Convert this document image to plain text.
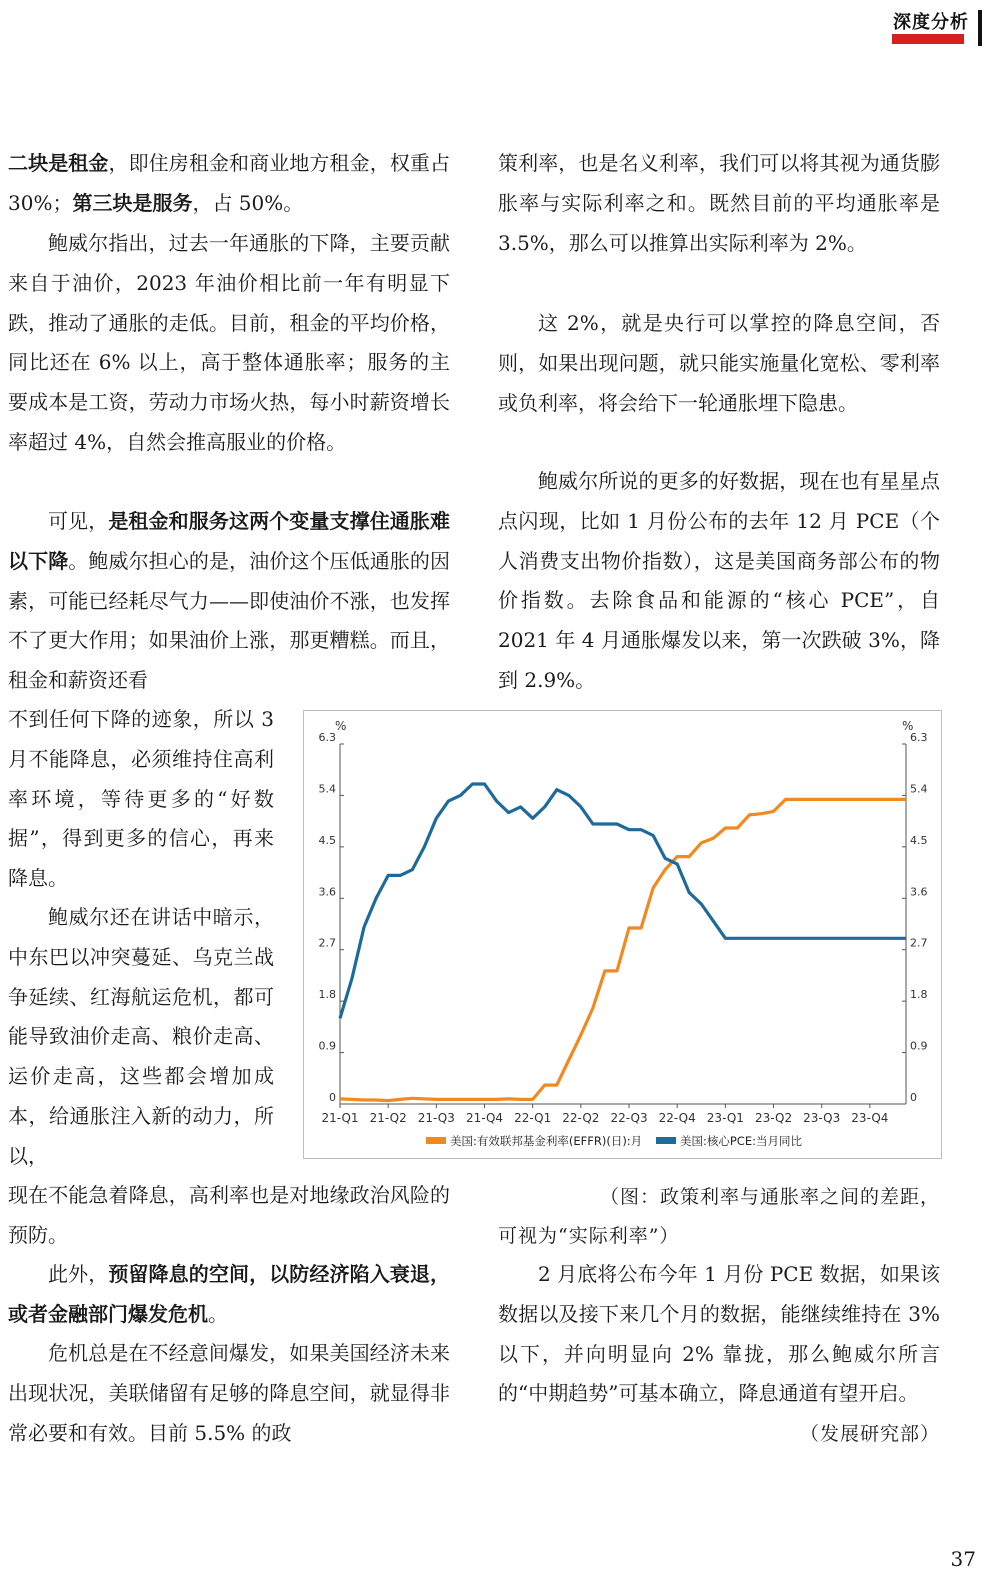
深度分析

二块是租金，即住房租金和商业地方租金，权重占 30%；第三块是服务，占 50%。

鲍威尔指出，过去一年通胀的下降，主要贡献来自于油价，2023 年油价相比前一年有明显下跌，推动了通胀的走低。目前，租金的平均价格，同比还在 6% 以上，高于整体通胀率；服务的主要成本是工资，劳动力市场火热，每小时薪资增长率超过 4%，自然会推高服业的价格。

可见，是租金和服务这两个变量支撑住通胀难以下降。鲍威尔担心的是，油价这个压低通胀的因素，可能已经耗尽气力——即使油价不涨，也发挥不了更大作用；如果油价上涨，那更糟糕。而且，租金和薪资还看

不到任何下降的迹象，所以 3 月不能降息，必须维持住高利率环境，等待更多的“好数据”，得到更多的信心，再来降息。

鲍威尔还在讲话中暗示，中东巴以冲突蔓延、乌克兰战争延续、红海航运危机，都可能导致油价走高、粮价走高、运价走高，这些都会增加成本，给通胀注入新的动力，所以，

现在不能急着降息，高利率也是对地缘政治风险的预防。

此外，预留降息的空间，以防经济陷入衰退，或者金融部门爆发危机。

危机总是在不经意间爆发，如果美国经济未来出现状况，美联储留有足够的降息空间，就显得非常必要和有效。目前 5.5% 的政

策利率，也是名义利率，我们可以将其视为通货膨胀率与实际利率之和。既然目前的平均通胀率是 3.5%，那么可以推算出实际利率为 2%。

这 2%，就是央行可以掌控的降息空间，否则，如果出现问题，就只能实施量化宽松、零利率或负利率，将会给下一轮通胀埋下隐患。

鲍威尔所说的更多的好数据，现在也有星星点点闪现，比如 1 月份公布的去年 12 月 PCE（个人消费支出物价指数），这是美国商务部公布的物价指数。去除食品和能源的“核心 PCE”，自 2021 年 4 月通胀爆发以来，第一次跌破 3%，降到 2.9%。

%	%
0	0
0.9	0.9
1.8	1.8
2.7	2.7
3.6	3.6
4.5	4.5
5.4	5.4
6.3	6.3
21-Q1 21-Q2 21-Q3 21-Q4 22-Q1 22-Q2 22-Q3 22-Q4 23-Q1 23-Q2 23-Q3 23-Q4
美国:有效联邦基金利率(EFFR)(日):月	美国:核心PCE:当月同比
（图：政策利率与通胀率之间的差距，
可视为“实际利率”）

2 月底将公布今年 1 月份 PCE 数据，如果该数据以及接下来几个月的数据，能继续维持在 3% 以下，并向明显向 2% 靠拢，那么鲍威尔所言的“中期趋势”可基本确立，降息通道有望开启。

（发展研究部）
37
